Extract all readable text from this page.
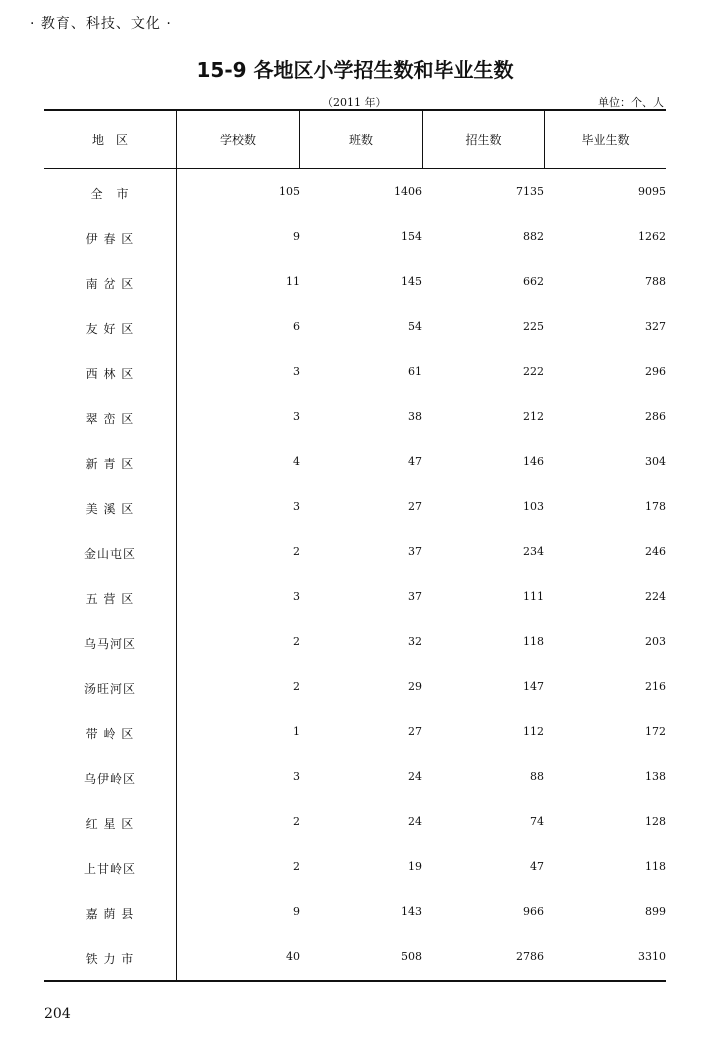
· 教育、科技、文化 ·
15-9 各地区小学招生数和毕业生数
（2011 年）	单位：个、人
地　区	学校数	班数	招生数	毕业生数
全　市	105	1406	7135	9095
伊 春 区	9	154	882	1262
南 岔 区	11	145	662	788
友 好 区	6	54	225	327
西 林 区	3	61	222	296
翠 峦 区	3	38	212	286
新 青 区	4	47	146	304
美 溪 区	3	27	103	178
金山屯区	2	37	234	246
五 营 区	3	37	111	224
乌马河区	2	32	118	203
汤旺河区	2	29	147	216
带 岭 区	1	27	112	172
乌伊岭区	3	24	88	138
红 星 区	2	24	74	128
上甘岭区	2	19	47	118
嘉 荫 县	9	143	966	899
铁 力 市	40	508	2786	3310
204
